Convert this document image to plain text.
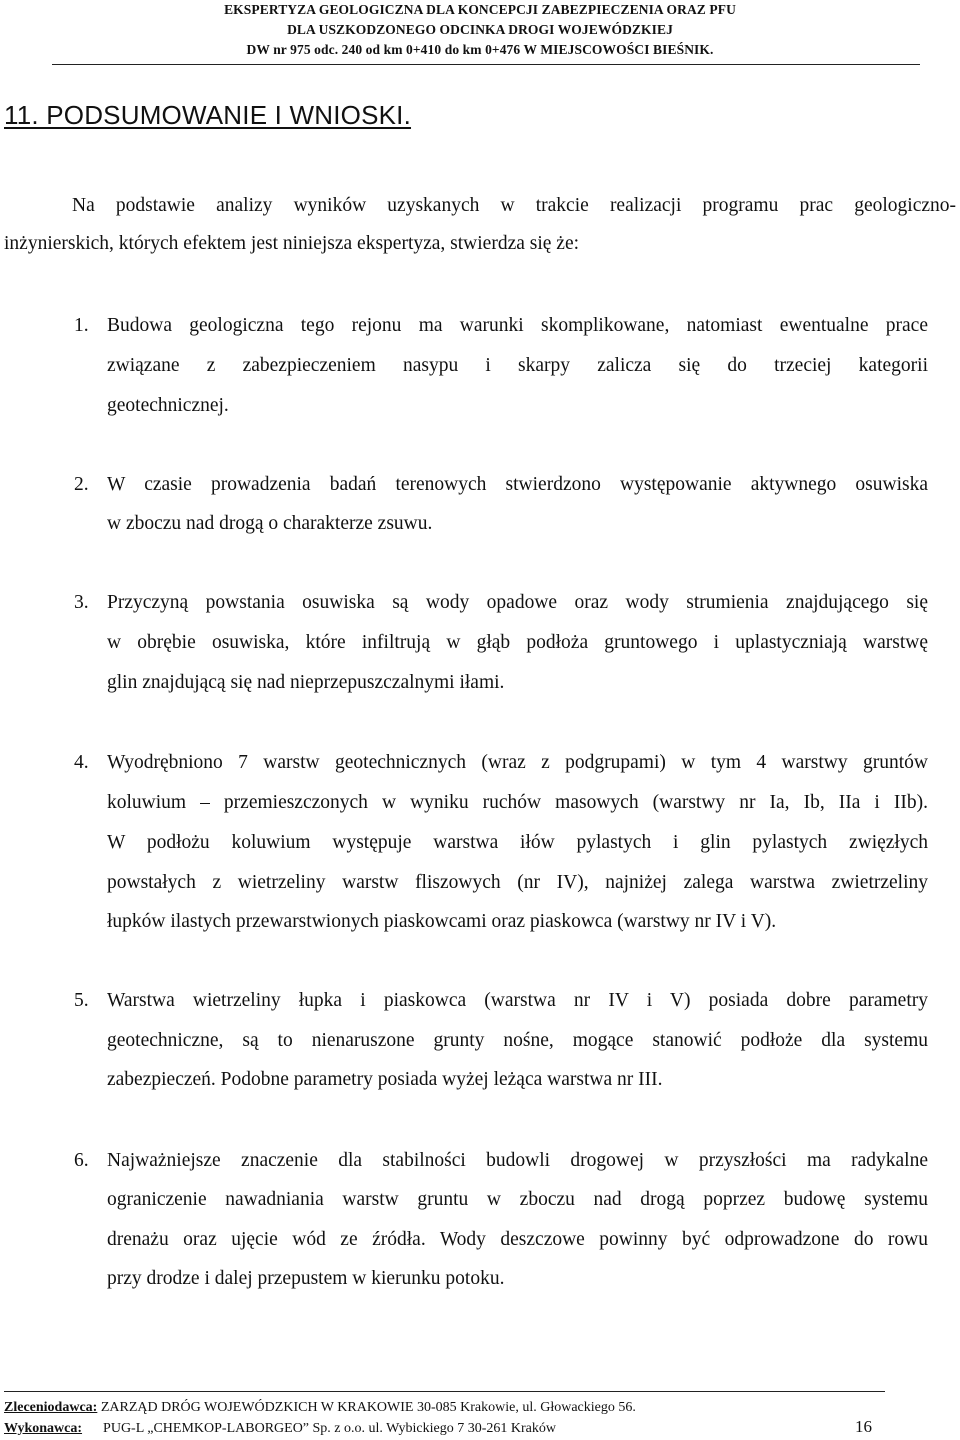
EKSPERTYZA GEOLOGICZNA DLA KONCEPCJI ZABEZPIECZENIA ORAZ PFU
DLA USZKODZONEGO ODCINKA DROGI WOJEWÓDZKIEJ
DW nr 975 odc. 240 od km 0+410 do km 0+476 W MIEJSCOWOŚCI BIEŚNIK.
11. PODSUMOWANIE I WNIOSKI.
Na podstawie analizy wyników uzyskanych w trakcie realizacji programu prac geologiczno-
inżynierskich, których efektem jest niniejsza ekspertyza, stwierdza się że:
1. Budowa geologiczna tego rejonu ma warunki skomplikowane, natomiast ewentualne prace
związane z zabezpieczeniem nasypu i skarpy zalicza się do trzeciej kategorii
geotechnicznej.
2. W czasie prowadzenia badań terenowych stwierdzono występowanie aktywnego osuwiska
w zboczu nad drogą o charakterze zsuwu.
3. Przyczyną powstania osuwiska są wody opadowe oraz wody strumienia znajdującego się
w obrębie osuwiska, które infiltrują w głąb podłoża gruntowego i uplastyczniają warstwę
glin znajdującą się nad nieprzepuszczalnymi iłami.
4. Wyodrębniono 7 warstw geotechnicznych (wraz z podgrupami) w tym 4 warstwy gruntów
koluwium – przemieszczonych w wyniku ruchów masowych (warstwy nr Ia, Ib, IIa i IIb).
W podłożu koluwium występuje warstwa iłów pylastych i glin pylastych zwięzłych
powstałych z wietrzeliny warstw fliszowych (nr IV), najniżej zalega warstwa zwietrzeliny
łupków ilastych przewarstwionych piaskowcami oraz piaskowca (warstwy nr IV i V).
5. Warstwa wietrzeliny łupka i piaskowca (warstwa nr IV i V) posiada dobre parametry
geotechniczne, są to nienaruszone grunty nośne, mogące stanowić podłoże dla systemu
zabezpieczeń. Podobne parametry posiada wyżej leżąca warstwa nr III.
6. Najważniejsze znaczenie dla stabilności budowli drogowej w przyszłości ma radykalne
ograniczenie nawadniania warstw gruntu w zboczu nad drogą poprzez budowę systemu
drenażu oraz ujęcie wód ze źródła. Wody deszczowe powinny być odprowadzone do rowu
przy drodze i dalej przepustem w kierunku potoku.
Zleceniodawca: ZARZĄD DRÓG WOJEWÓDZKICH W KRAKOWIE 30-085 Krakowie, ul. Głowackiego 56.
Wykonawca: PUG-L „CHEMKOP-LABORGEO” Sp. z o.o. ul. Wybickiego 7 30-261 Kraków	16
